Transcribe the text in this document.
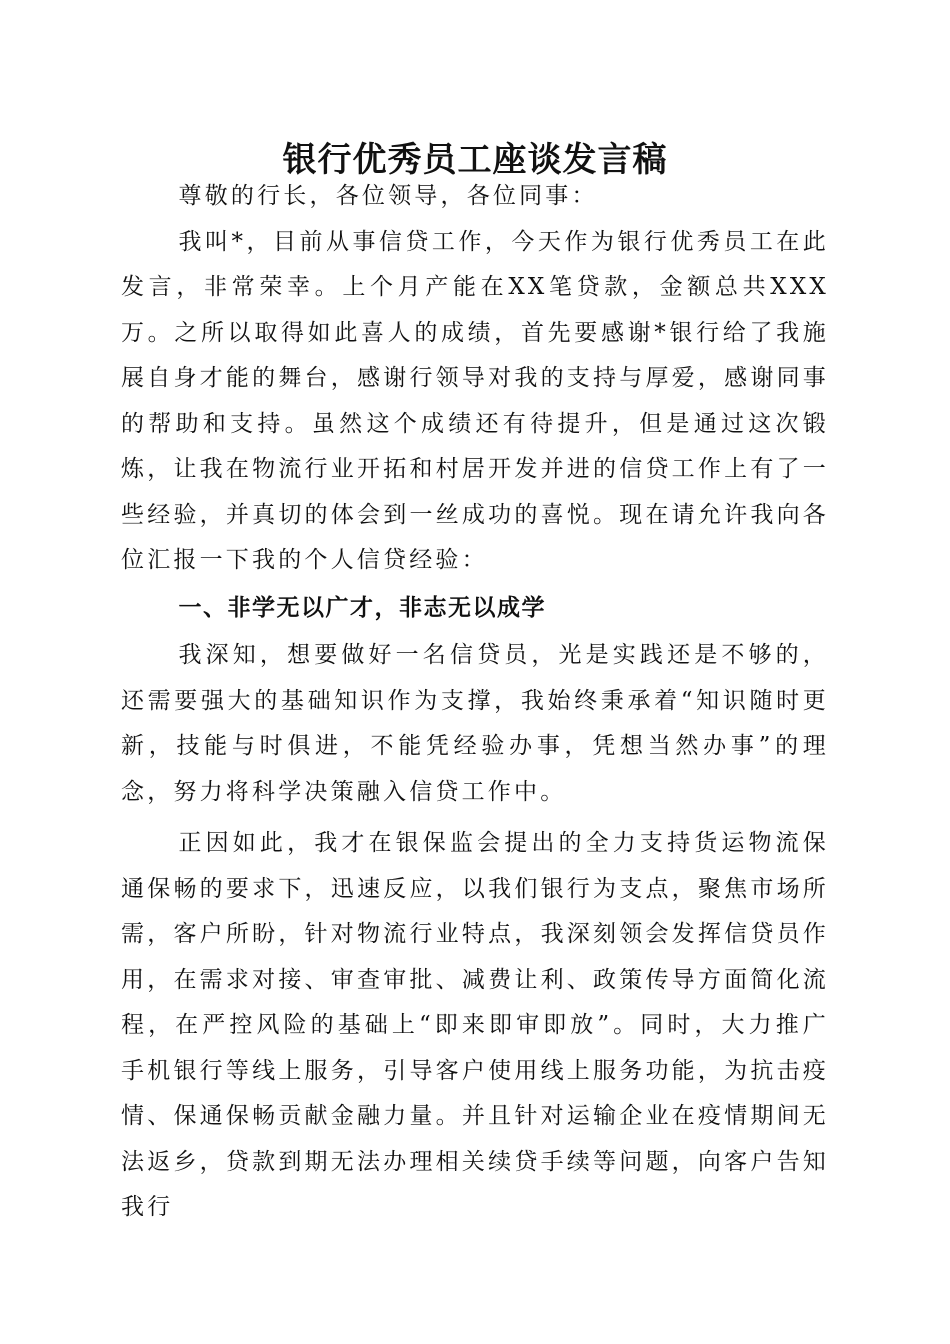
银行优秀员工座谈发言稿

尊敬的行长，各位领导，各位同事：

我叫*，目前从事信贷工作，今天作为银行优秀员工在此发言，非常荣幸。上个月产能在XX笔贷款，金额总共XXX万。之所以取得如此喜人的成绩，首先要感谢*银行给了我施展自身才能的舞台，感谢行领导对我的支持与厚爱，感谢同事的帮助和支持。虽然这个成绩还有待提升，但是通过这次锻炼，让我在物流行业开拓和村居开发并进的信贷工作上有了一些经验，并真切的体会到一丝成功的喜悦。现在请允许我向各位汇报一下我的个人信贷经验：

一、非学无以广才，非志无以成学

我深知，想要做好一名信贷员，光是实践还是不够的，还需要强大的基础知识作为支撑，我始终秉承着“知识随时更新，技能与时俱进，不能凭经验办事，凭想当然办事”的理念，努力将科学决策融入信贷工作中。

正因如此，我才在银保监会提出的全力支持货运物流保通保畅的要求下，迅速反应，以我们银行为支点，聚焦市场所需，客户所盼，针对物流行业特点，我深刻领会发挥信贷员作用，在需求对接、审查审批、减费让利、政策传导方面简化流程，在严控风险的基础上“即来即审即放”。同时，大力推广手机银行等线上服务，引导客户使用线上服务功能，为抗击疫情、保通保畅贡献金融力量。并且针对运输企业在疫情期间无法返乡，贷款到期无法办理相关续贷手续等问题，向客户告知我行
